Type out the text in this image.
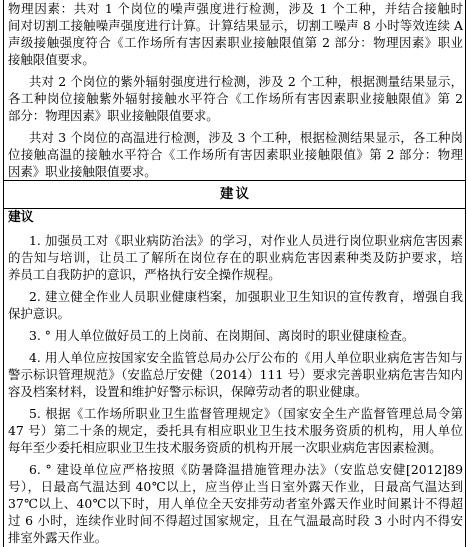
物理因素：共对 1 个岗位的噪声强度进行检测，涉及 1 个工种，并结合接触时
间对切割工接触噪声强度进行计算。计算结果显示，切割工噪声 8 小时等效连续 A
声级接触强度符合《工作场所有害因素职业接触限值第 2 部分：物理因素》职业
接触限值要求。
共对 2 个岗位的紫外辐射强度进行检测，涉及 2 个工种，根据测量结果显示，
各工种岗位接触紫外辐射接触水平符合《工作场所有害因素职业接触限值》第 2
部分：物理因素》职业接触限值要求。
共对 3 个岗位的高温进行检测，涉及 3 个工种，根据检测结果显示，各工种岗
位接触高温的接触水平符合《工作场所有害因素职业接触限值》第 2 部分：物理
因素》职业接触限值要求。
建议
建议
1. 加强员工对《职业病防治法》的学习，对作业人员进行岗位职业病危害因素
的告知与培训，让员工了解所在岗位存在的职业病危害因素种类及防护要求，培
养员工自我防护的意识，严格执行安全操作规程。
2. 建立健全作业人员职业健康档案，加强职业卫生知识的宣传教育，增强自我
保护意识。
3. ° 用人单位做好员工的上岗前、在岗期间、离岗时的职业健康检查。
4. 用人单位应按国家安全监管总局办公厅公布的《用人单位职业病危害告知与
警示标识管理规范》（安监总厅安健（2014）111 号）要求完善职业病危害告知内
容及档案材料，设置和维护好警示标识，保障劳动者的职业健康。
5. 根据《工作场所职业卫生监督管理规定》（国家安全生产监督管理总局令第
47 号）第二十条的规定，委托具有相应职业卫生技术服务资质的机构，用人单位
每年至少委托相应职业卫生技术服务资质的机构开展一次职业病危害因素检测。
6. ° 建设单位应严格按照《防暑降温措施管理办法》（安监总安健[2012]89
号），日最高气温达到 40℃以上，应当停止当日室外露天作业，日最高气温达到
37℃以上、40℃以下时，用人单位全天安排劳动者室外露天作业时间累计不得超
过 6 小时，连续作业时间不得超过国家规定，且在气温最高时段 3 小时内不得安
排室外露天作业。
